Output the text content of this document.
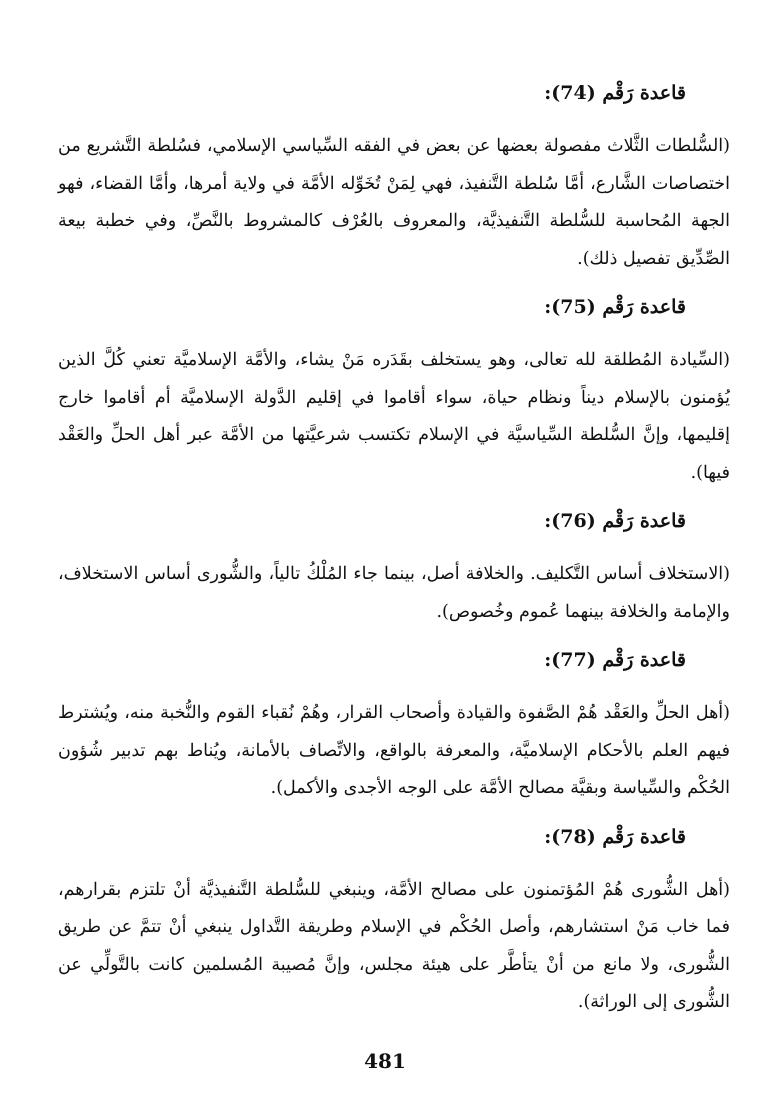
قاعدة رَقْم (74):

(السُّلطات الثَّلاث مفصولة بعضها عن بعض في الفقه السِّياسي الإسلامي، فسُلطة التَّشريع من اختصاصات الشَّارع، أمَّا سُلطة التَّنفيذ، فهي لِمَنْ تُخَوِّله الأمَّة في ولاية أمرها، وأمَّا القضاء، فهو الجهة المُحاسبة للسُّلطة التَّنفيذيَّة، والمعروف بالعُرْف كالمشروط بالنَّصِّ، وفي خطبة بيعة الصِّدِّيق تفصيل ذلك).

قاعدة رَقْم (75):

(السِّيادة المُطلقة لله تعالى، وهو يستخلف بقَدَره مَنْ يشاء، والأمَّة الإسلاميَّة تعني كُلَّ الذين يُؤمنون بالإسلام ديناً ونظام حياة، سواء أقاموا في إقليم الدَّولة الإسلاميَّة أم أقاموا خارج إقليمها، وإنَّ السُّلطة السِّياسيَّة في الإسلام تكتسب شرعيَّتها من الأمَّة عبر أهل الحلِّ والعَقْد فيها).

قاعدة رَقْم (76):

(الاستخلاف أساس التَّكليف. والخلافة أصل، بينما جاء المُلْكُ تالياً، والشُّورى أساس الاستخلاف، والإمامة والخلافة بينهما عُموم وخُصوص).

قاعدة رَقْم (77):

(أهل الحلِّ والعَقْد هُمْ الصَّفوة والقيادة وأصحاب القرار، وهُمْ نُقباء القوم والنُّخبة منه، ويُشترط فيهم العلم بالأحكام الإسلاميَّة، والمعرفة بالواقع، والاتِّصاف بالأمانة، ويُناط بهم تدبير شُؤون الحُكْم والسِّياسة وبقيَّة مصالح الأمَّة على الوجه الأجدى والأكمل).

قاعدة رَقْم (78):

(أهل الشُّورى هُمْ المُؤتمنون على مصالح الأمَّة، وينبغي للسُّلطة التَّنفيذيَّة أنْ تلتزم بقرارهم، فما خاب مَنْ استشارهم، وأصل الحُكْم في الإسلام وطريقة التَّداول ينبغي أنْ تتمَّ عن طريق الشُّورى، ولا مانع من أنْ يتأطَّر على هيئة مجلس، وإنَّ مُصيبة المُسلمين كانت بالتَّولِّي عن الشُّورى إلى الوراثة).

481
